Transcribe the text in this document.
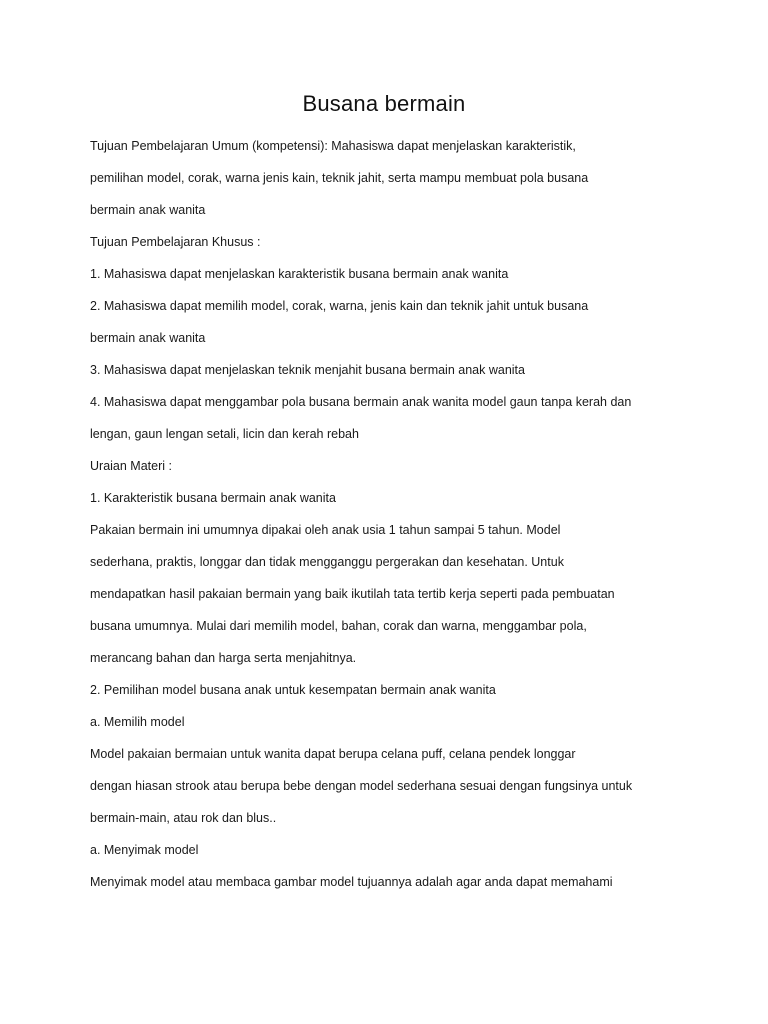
Busana bermain
Tujuan Pembelajaran Umum (kompetensi): Mahasiswa dapat menjelaskan karakteristik,
pemilihan model, corak, warna jenis kain, teknik jahit, serta mampu membuat pola busana
bermain anak wanita
Tujuan Pembelajaran Khusus :
1. Mahasiswa dapat menjelaskan karakteristik busana bermain anak wanita
2. Mahasiswa dapat memilih model, corak, warna, jenis kain dan teknik jahit untuk busana
bermain anak wanita
3. Mahasiswa dapat menjelaskan teknik menjahit busana bermain anak wanita
4. Mahasiswa dapat menggambar pola busana bermain anak wanita model gaun tanpa kerah dan
lengan, gaun lengan setali, licin dan kerah rebah
Uraian Materi :
1. Karakteristik busana bermain anak wanita
Pakaian bermain ini umumnya dipakai oleh anak usia 1 tahun sampai 5 tahun. Model
sederhana, praktis, longgar dan tidak mengganggu pergerakan dan kesehatan. Untuk
mendapatkan hasil pakaian bermain yang baik ikutilah tata tertib kerja seperti pada pembuatan
busana umumnya. Mulai dari memilih model, bahan, corak dan warna, menggambar pola,
merancang bahan dan harga serta menjahitnya.
2. Pemilihan model busana anak untuk kesempatan bermain anak wanita
a. Memilih model
Model pakaian bermaian untuk wanita dapat berupa celana puff, celana pendek longgar
dengan hiasan strook atau berupa bebe dengan model sederhana sesuai dengan fungsinya untuk
bermain-main, atau rok dan blus..
a. Menyimak model
Menyimak model atau membaca gambar model tujuannya adalah agar anda dapat memahami
